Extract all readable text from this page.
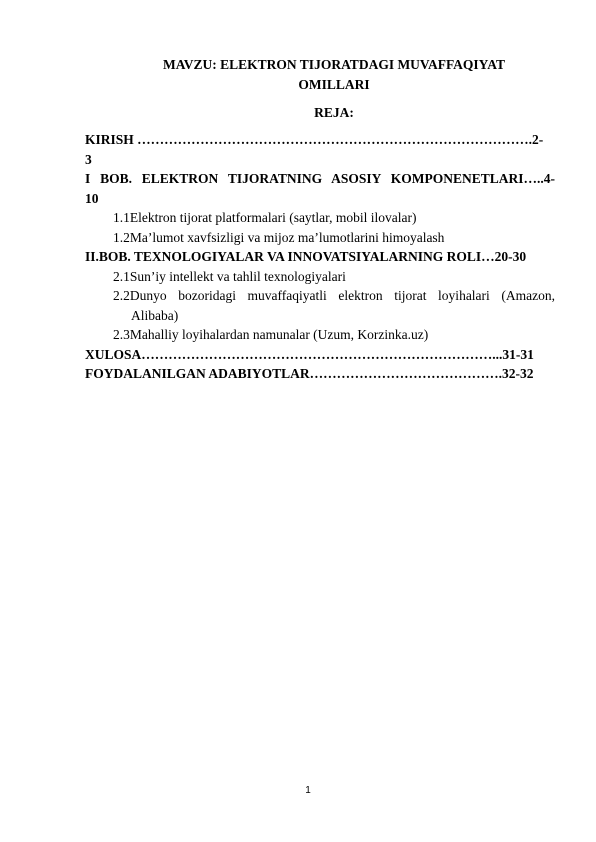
MAVZU: ELEKTRON TIJORATDAGI MUVAFFAQIYAT
OMILLARI
REJA:
KIRISH …………………………………………………………………………….2-
3
I BOB. ELEKTRON TIJORATNING ASOSIY KOMPONENETLARI…..4-
10
1.1Elektron tijorat platformalari (saytlar, mobil ilovalar)
1.2Ma’lumot xavfsizligi va mijoz ma’lumotlarini himoyalash
II.BOB. TEXNOLOGIYALAR VA INNOVATSIYALARNING ROLI…20-30
2.1Sun’iy intellekt va tahlil texnologiyalari
2.2Dunyo bozoridagi muvaffaqiyatli elektron tijorat loyihalari (Amazon,
Alibaba)
2.3Mahalliy loyihalardan namunalar (Uzum, Korzinka.uz)
XULOSA……………………………………………………………………...31-31
FOYDALANILGAN ADABIYOTLAR…………………………………….32-32
1
